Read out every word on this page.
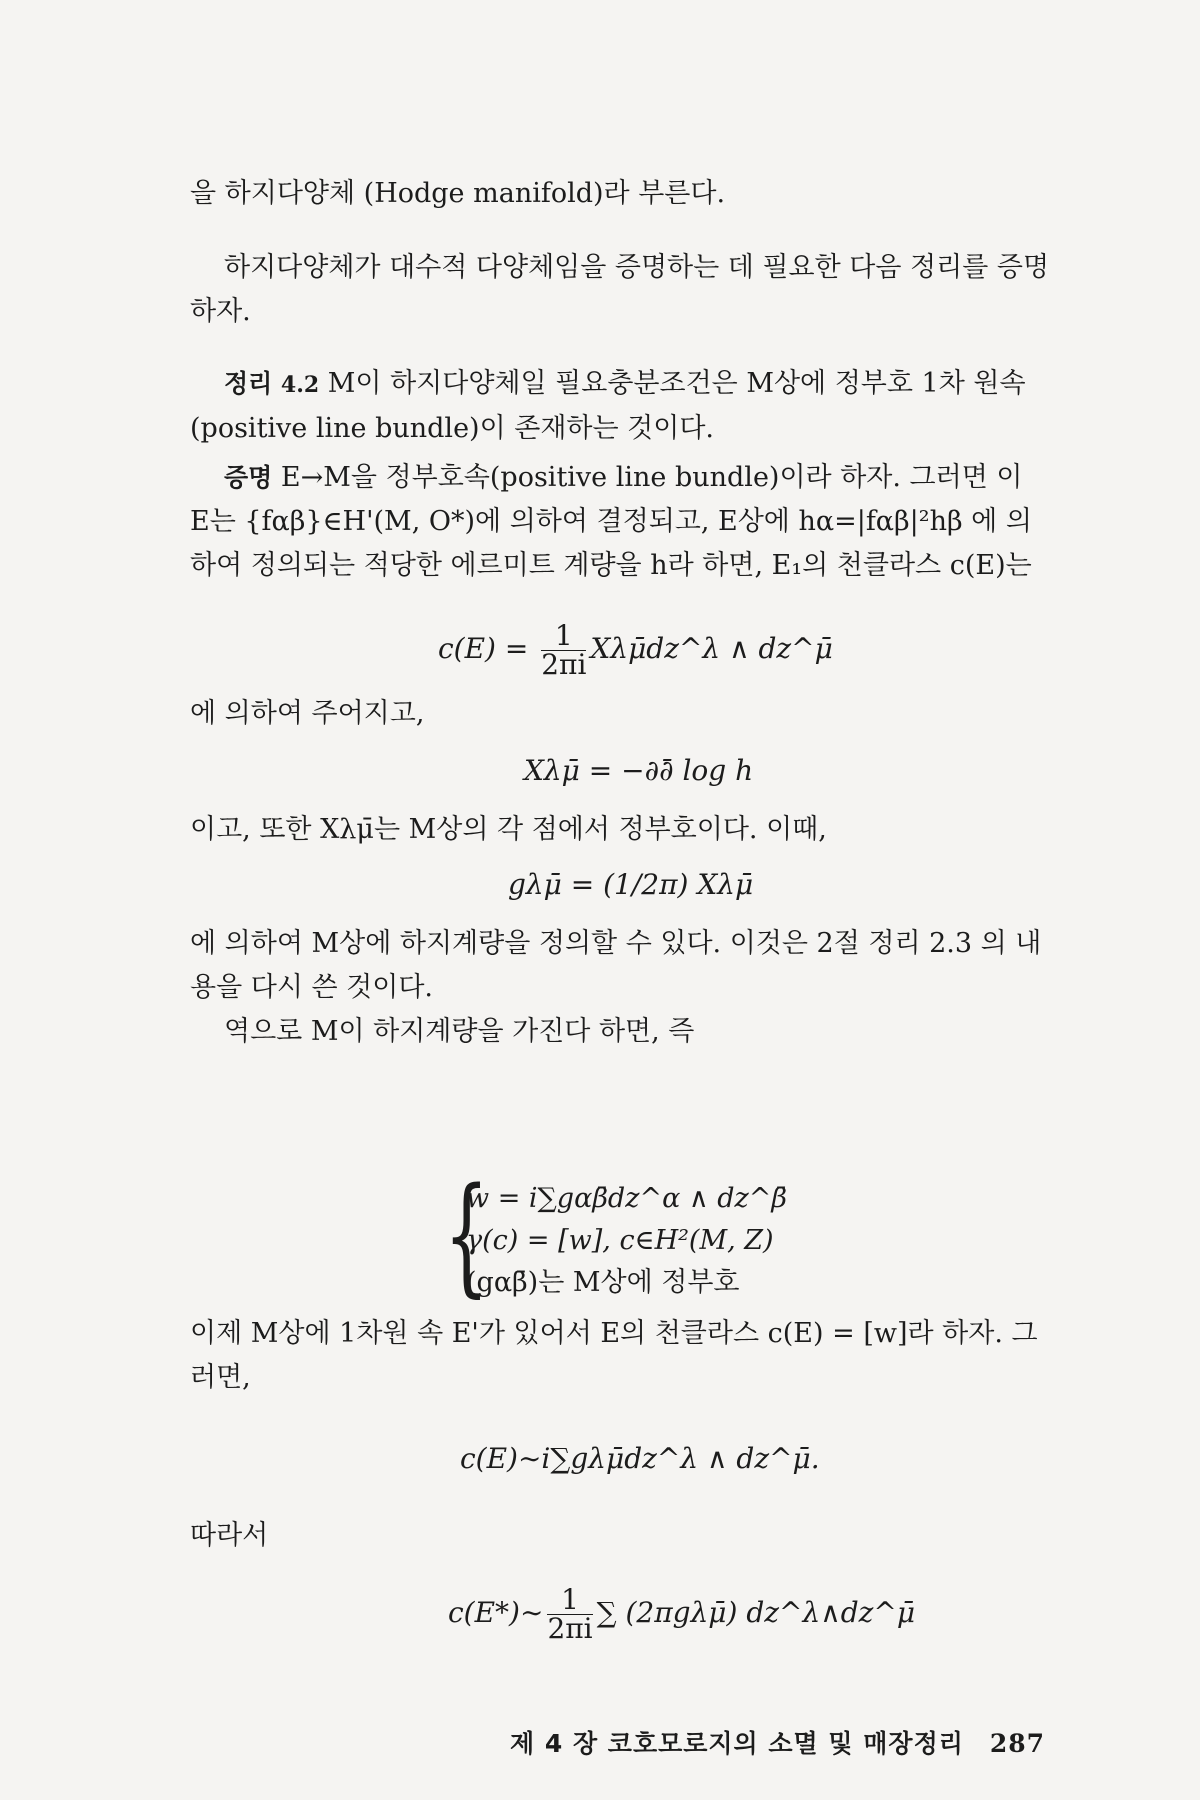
을 하지다양체 (Hodge manifold)라 부른다.

하지다양체가 대수적 다양체임을 증명하는 데 필요한 다음 정리를 증명하자.

정리 4.2 M이 하지다양체일 필요충분조건은 M상에 정부호 1차 원속(positive line bundle)이 존재하는 것이다.

증명 E→M을 정부호속(positive line bundle)이라 하자. 그러면 이 E는 {fαβ}∈H'(M, O*)에 의하여 결정되고, E상에 hα=|fαβ|²hβ 에 의하여 정의되는 적당한 에르미트 계량을 h라 하면, E₁의 천클라스 c(E)는

$c(E) = \frac{1}{2\pi i}$ Xλμ̄dz^λ ∧ dz^μ̄

에 의하여 주어지고,

Xλμ̄ = −∂∂̄ log h

이고, 또한 Xλμ̄는 M상의 각 점에서 정부호이다. 이때,

gλμ̄ = (1/2π) Xλμ̄

에 의하여 M상에 하지계량을 정의할 수 있다. 이것은 2절 정리 2.3 의 내용을 다시 쓴 것이다.

역으로 M이 하지계량을 가진다 하면, 즉

{
w = i∑gαβ̄dz^α ∧ dz^β̄
γ(c) = [w], c∈H²(M, Z)
(gαβ̄)는 M상에 정부호

이제 M상에 1차원 속 E'가 있어서 E의 천클라스 c(E) = [w]라 하자. 그러면,

c(E)∼i∑gλμ̄dz^λ ∧ dz^μ̄.

따라서

c(E*)∼ $\frac{1}{2\pi i}$ ∑ (2πgλμ̄) dz^λ∧dz^μ̄
제 4 장 코호모로지의 소멸 및 매장정리 287
